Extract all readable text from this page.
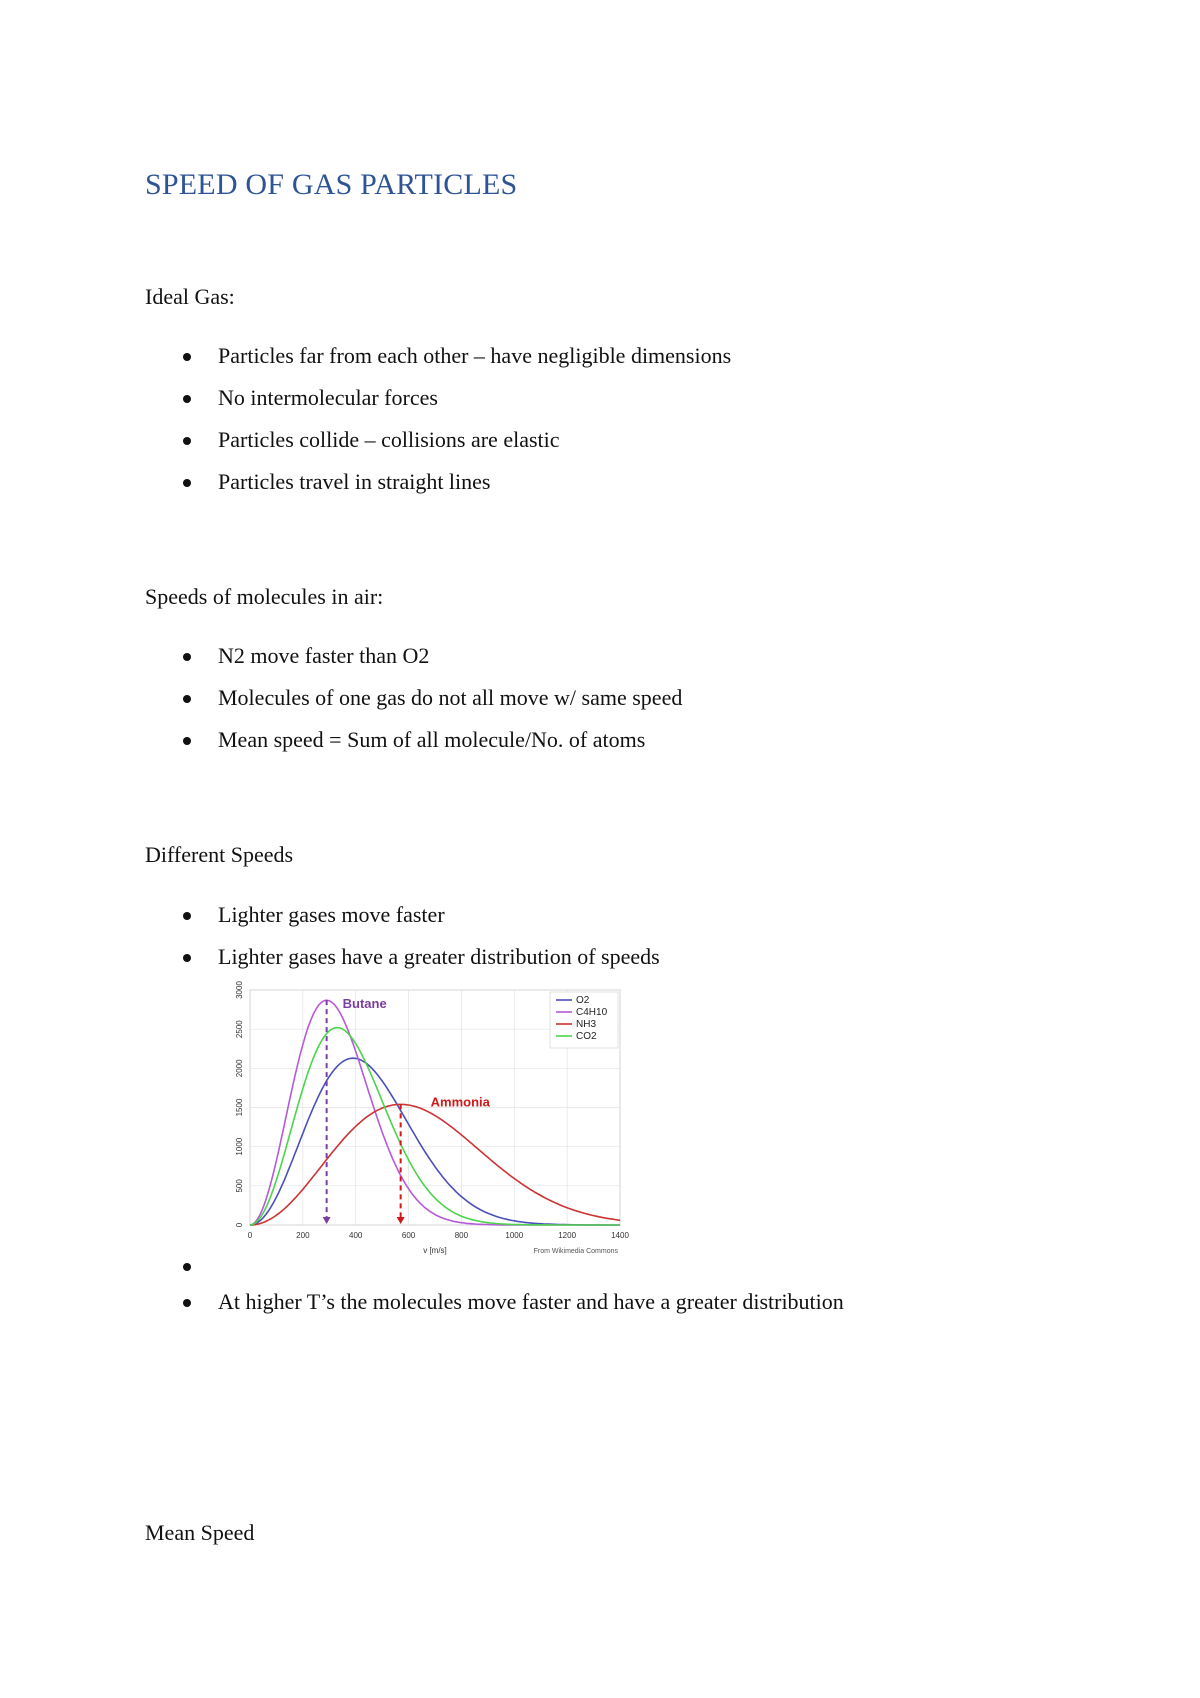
SPEED OF GAS PARTICLES

Ideal Gas:

Particles far from each other – have negligible dimensions
No intermolecular forces
Particles collide – collisions are elastic
Particles travel in straight lines

Speeds of molecules in air:

N2 move faster than O2
Molecules of one gas do not all move w/ same speed
Mean speed = Sum of all molecule/No. of atoms

Different Speeds

Lighter gases move faster
Lighter gases have a greater distribution of speeds
At higher T’s the molecules move faster and have a greater distribution
0	200	400	600	800	1000	1200	1400
0
500
1000
1500
2000
2500
3000
v [m/s]	From Wikimedia Commons
Butane
Ammonia
O2
C4H10
NH3
CO2

Mean Speed
